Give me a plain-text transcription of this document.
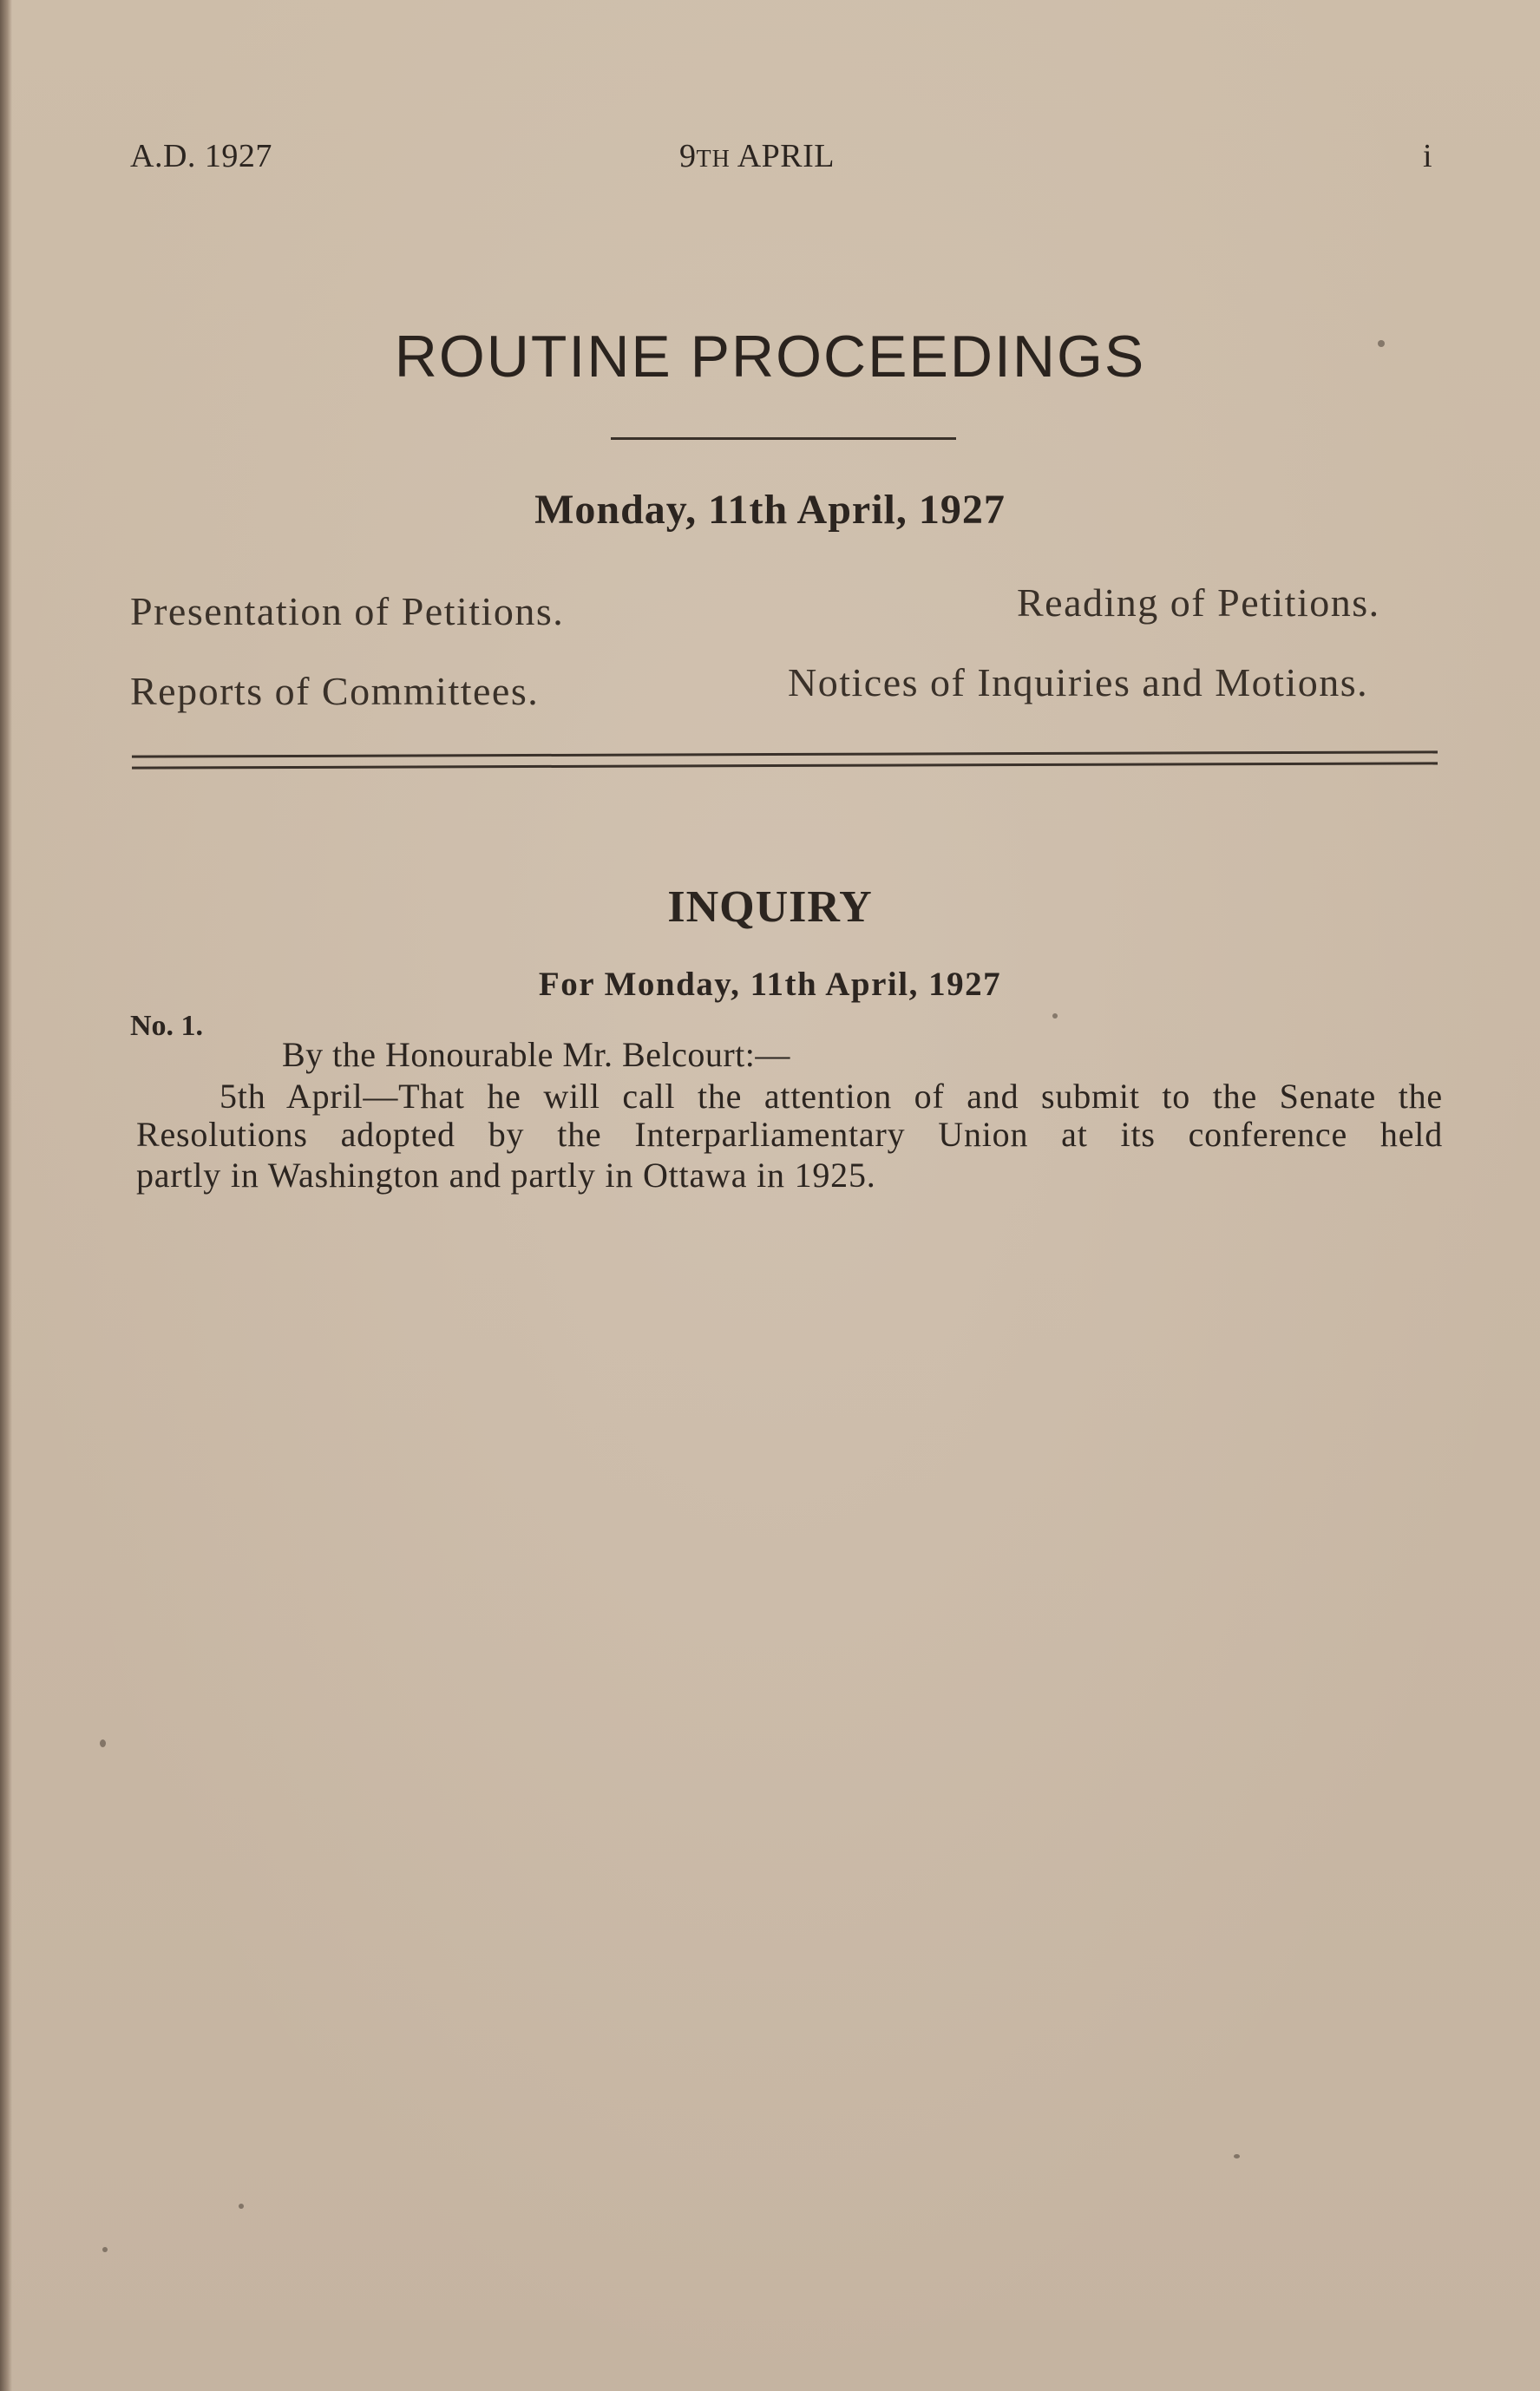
A.D. 1927	9TH APRIL	i
ROUTINE PROCEEDINGS
Monday, 11th April, 1927
Presentation of Petitions.	Reading of Petitions.
Reports of Committees.	Notices of Inquiries and Motions.
INQUIRY
For Monday, 11th April, 1927
No. 1.
By the Honourable Mr. Belcourt:—
5th April—That he will call the attention of and submit to the Senate the
Resolutions adopted by the Interparliamentary Union at its conference held
partly in Washington and partly in Ottawa in 1925.
